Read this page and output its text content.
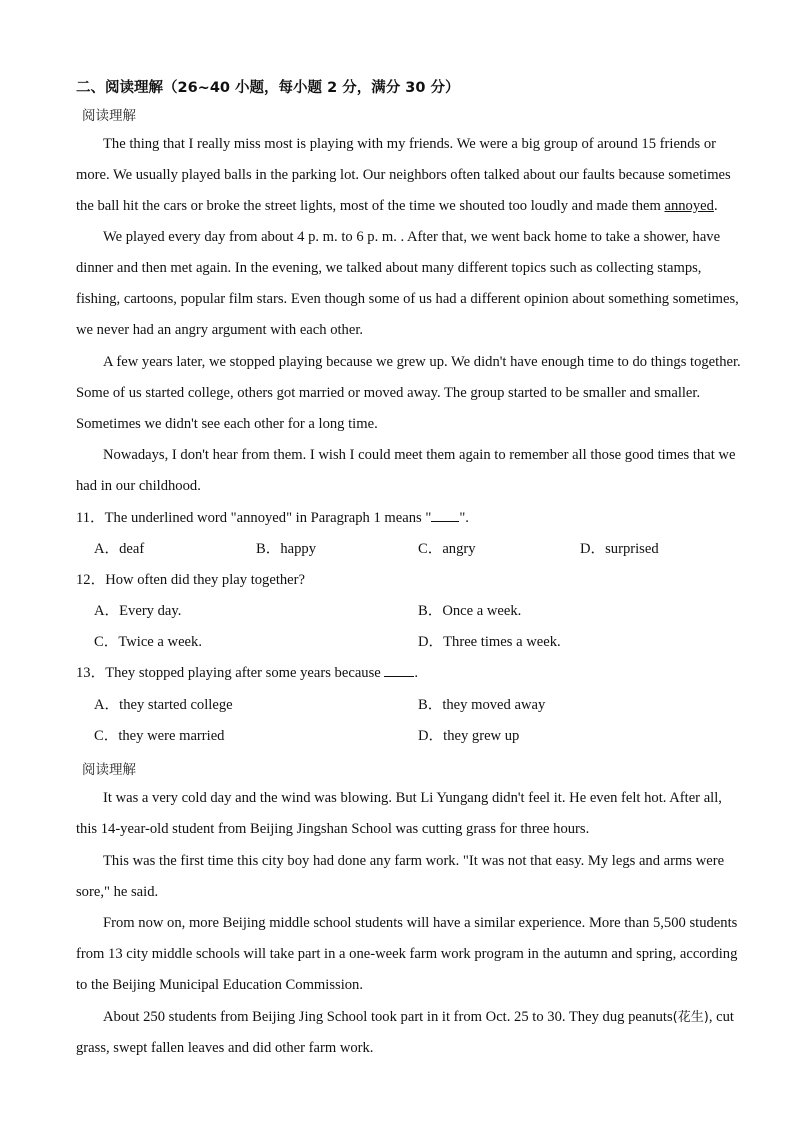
二、阅读理解（26~40 小题，每小题 2 分，满分 30 分）
阅读理解
The thing that I really miss most is playing with my friends. We were a big group of around 15 friends or
more. We usually played balls in the parking lot. Our neighbors often talked about our faults because sometimes
the ball hit the cars or broke the street lights, most of the time we shouted too loudly and made them annoyed.
We played every day from about 4 p. m. to 6 p. m. . After that, we went back home to take a shower, have
dinner and then met again. In the evening, we talked about many different topics such as collecting stamps,
fishing, cartoons, popular film stars. Even though some of us had a different opinion about something sometimes,
we never had an angry argument with each other.
A few years later, we stopped playing because we grew up. We didn't have enough time to do things together.
Some of us started college, others got married or moved away. The group started to be smaller and smaller.
Sometimes we didn't see each other for a long time.
Nowadays, I don't hear from them. I wish I could meet them again to remember all those good times that we
had in our childhood.
11．The underlined word "annoyed" in Paragraph 1 means " ".
A．deaf	B．happy	C．angry	D．surprised
12．How often did they play together?
A．Every day.	B．Once a week.
C．Twice a week.	D．Three times a week.
13．They stopped playing after some years because .
A．they started college	B．they moved away
C．they were married	D．they grew up
阅读理解
It was a very cold day and the wind was blowing. But Li Yungang didn't feel it. He even felt hot. After all,
this 14-year-old student from Beijing Jingshan School was cutting grass for three hours.
This was the first time this city boy had done any farm work. "It was not that easy. My legs and arms were
sore," he said.
From now on, more Beijing middle school students will have a similar experience. More than 5,500 students
from 13 city middle schools will take part in a one-week farm work program in the autumn and spring, according
to the Beijing Municipal Education Commission.
About 250 students from Beijing Jing School took part in it from Oct. 25 to 30. They dug peanuts(花生), cut
grass, swept fallen leaves and did other farm work.
